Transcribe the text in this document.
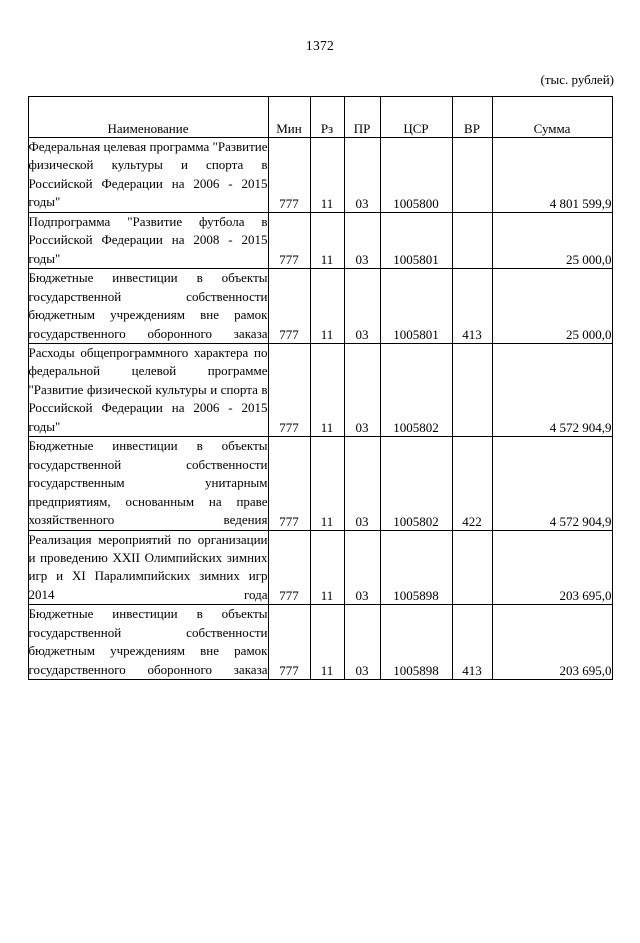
1372
(тыс. рублей)
Наименование	Мин	Рз	ПР	ЦСР	ВР	Сумма
Федеральная целевая программа "Развитие физической культуры и спорта в Российской Федерации на 2006 - 2015 годы"	777	11	03	1005800		4 801 599,9
Подпрограмма "Развитие футбола в Российской Федерации на 2008 - 2015 годы"	777	11	03	1005801		25 000,0
Бюджетные инвестиции в объекты государственной собственности бюджетным учреждениям вне рамок государственного оборонного заказа	777	11	03	1005801	413	25 000,0
Расходы общепрограммного характера по федеральной целевой программе "Развитие физической культуры и спорта в Российской Федерации на 2006 - 2015 годы"	777	11	03	1005802		4 572 904,9
Бюджетные инвестиции в объекты государственной собственности государственным унитарным предприятиям, основанным на праве хозяйственного ведения	777	11	03	1005802	422	4 572 904,9
Реализация мероприятий по организации и проведению XXII Олимпийских зимних игр и XI Паралимпийских зимних игр 2014 года	777	11	03	1005898		203 695,0
Бюджетные инвестиции в объекты государственной собственности бюджетным учреждениям вне рамок государственного оборонного заказа	777	11	03	1005898	413	203 695,0
